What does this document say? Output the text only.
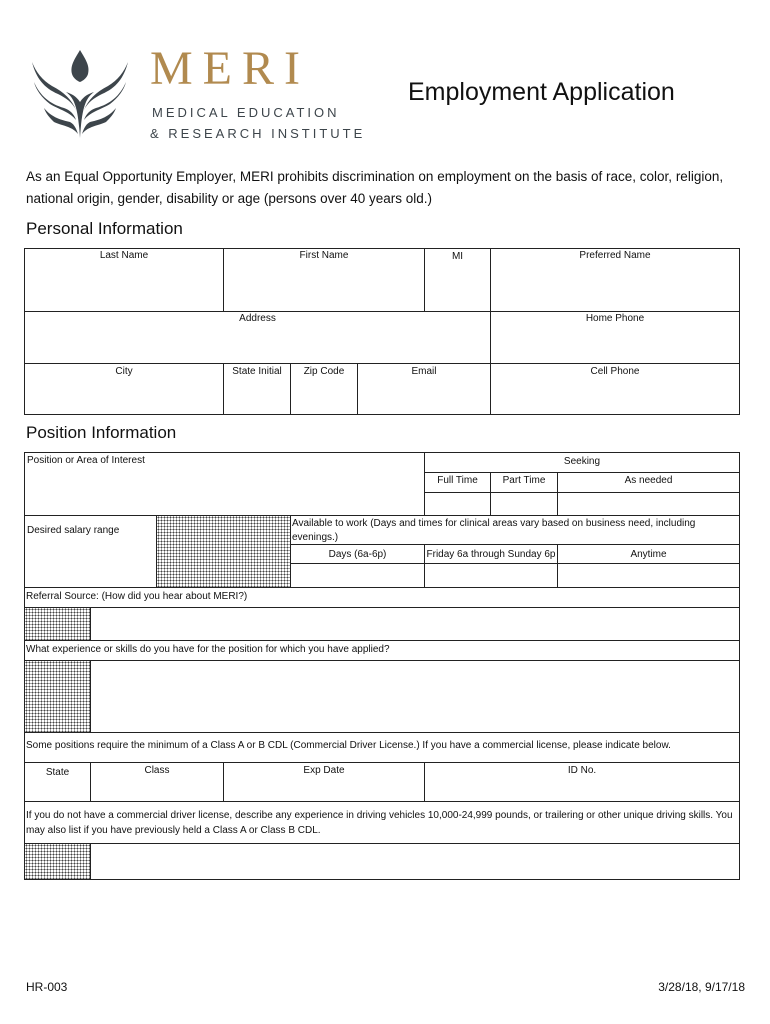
MERI
MEDICAL EDUCATION
& RESEARCH INSTITUTE
Employment Application
As an Equal Opportunity Employer, MERI prohibits discrimination on employment on the basis of race, color, religion, national origin, gender, disability or age (persons over 40 years old.)
Personal Information
Last Name	First Name	MI	Preferred Name
Address	Home Phone
City	State Initial	Zip Code	Email	Cell Phone
Position Information
Position or Area of Interest	Seeking
Full Time	Part Time	As needed
Desired salary range
Available to work (Days and times for clinical areas vary based on business need, including evenings.)
Days (6a-6p)	Friday 6a through Sunday 6p	Anytime
Referral Source: (How did you hear about MERI?)
What experience or skills do you have for the position for which you have applied?
Some positions require the minimum of a Class A or B CDL (Commercial Driver License.) If you have a commercial license, please indicate below.
State	Class	Exp Date	ID No.
If you do not have a commercial driver license, describe any experience in driving vehicles 10,000-24,999 pounds, or trailering or other unique driving skills. You may also list if you have previously held a Class A or Class B CDL.
HR-003	3/28/18, 9/17/18
